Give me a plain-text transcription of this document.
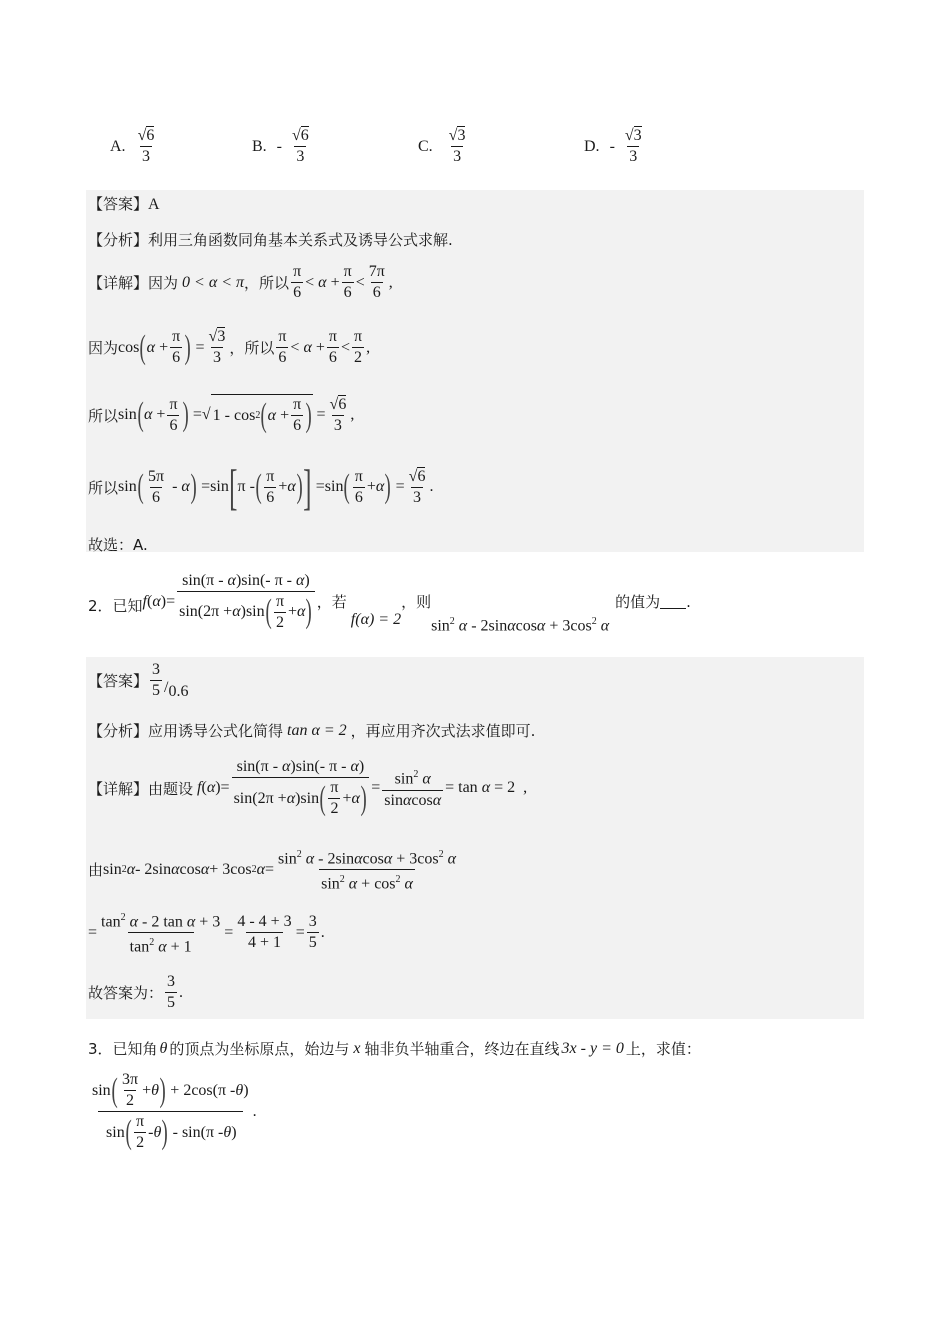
A. $\frac{√6}{3}$	B. - $\frac{√6}{3}$	C. $\frac{√3}{3}$	D. - $\frac{√3}{3}$
【答案】A
【分析】利用三角函数同角基本关系式及诱导公式求解.
【详解】 因为 0 < α < π ，所以 $\frac{\pi}{6} < \alpha + \frac{\pi}{6} < \frac{7\pi}{6}$ ,
因为 cos ( $\alpha + \frac{\pi}{6}$ ) = $\frac{√3}{3}$ ，所以 $\frac{\pi}{6} < \alpha + \frac{\pi}{6} < \frac{\pi}{2}$ ,
所以 sin ( $\alpha + \frac{\pi}{6}$ ) =√ 1 - cos 2 ( $\alpha + \frac{\pi}{6}$ ) = $\frac{√6}{3}$ ,
所以 sin ( $\frac{5\pi}{6}$ - α ) =sin [ π - ( $\frac{\pi}{6} + \alpha$ ) ] =sin ( $\frac{\pi}{6} + \alpha$ ) = $\frac{√6}{3}$ .
故选：A.
2．已知 f ( α )= $\frac{\sin(\pi - \alpha)\sin(- \pi - \alpha)}{\sin(2\pi + \alpha )\sin ( \frac{\pi}{2} + \alpha )}$ ，若
f(α) = 2
，则
$\sin^2 \alpha - 2\sin\alpha\cos\alpha + 3\cos^2$ α
的值为 .
【答案】 $\frac{3}{5} / 0.6$
【分析】 应用诱导公式化简得 tan α = 2 ，再应用齐次式法求值即可.
【详解】 由题设
f ( α )= $\frac{\sin(\pi - \alpha)\sin(- \pi - \alpha)}{\sin(2\pi + \alpha )\sin ( \frac{\pi}{2} + \alpha )} = \frac{\sin^2 \alpha}{\sin\alpha\cos\alpha} = \tan \alpha = 2$  ,
由 sin 2 α - 2sin α cos α + 3cos 2 $\alpha = \frac{\sin^2 \alpha - 2\sin\alpha\cos\alpha + 3\cos^2 \alpha}{\sin^2 \alpha + \cos^2 \alpha}$
= $\frac{\tan^2 \alpha - 2 \tan \alpha + 3}{\tan^2 \alpha + 1} = \frac{4 - 4 + 3}{4 + 1} = \frac{3}{5}$ .
故答案为： $\frac{3}{5}$ .
3．已知角 θ 的顶点为坐标原点，始边与 x 轴非负半轴重合，终边在直线 3x - y = 0 上，求值：
$\frac{\sin ( \frac{3\pi}{2} + \theta ) + 2\cos(\pi - \theta )}{\sin ( \frac{\pi}{2} - \theta ) - \sin(\pi - \theta )}$ .
